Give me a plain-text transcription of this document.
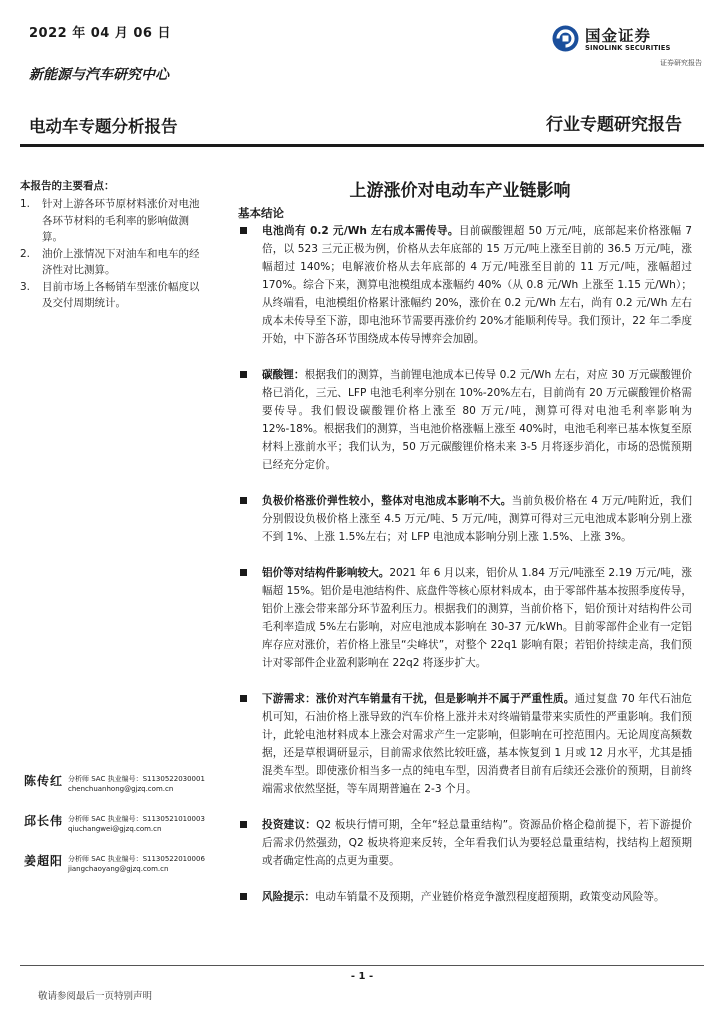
2022 年 04 月 06 日
新能源与汽车研究中心
电动车专题分析报告	行业专题研究报告
国金证券
SINOLINK SECURITIES
证券研究报告
本报告的主要看点：
1.	针对上游各环节原材料涨价对电池各环节材料的毛利率的影响做测算。
2.	油价上涨情况下对油车和电车的经济性对比测算。
3.	目前市场上各畅销车型涨价幅度以及交付周期统计。
陈传红 分析师 SAC 执业编号：S1130522030001
chenchuanhong@gjzq.com.cn
邱长伟 分析师 SAC 执业编号：S1130521010003
qiuchangwei@gjzq.com.cn
姜超阳 分析师 SAC 执业编号：S1130522010006
jiangchaoyang@gjzq.com.cn
上游涨价对电动车产业链影响
基本结论
电池尚有 0.2 元/Wh 左右成本需传导。目前碳酸锂超 50 万元/吨，底部起来价格涨幅 7 倍，以 523 三元正极为例，价格从去年底部的 15 万元/吨上涨至目前的 36.5 万元/吨，涨幅超过 140%；电解液价格从去年底部的 4 万元/吨涨至目前的 11 万元/吨，涨幅超过 170%。综合下来，测算电池模组成本涨幅约 40%（从 0.8 元/Wh 上涨至 1.15 元/Wh）；从终端看，电池模组价格累计涨幅约 20%，涨价在 0.2 元/Wh 左右，尚有 0.2 元/Wh 左右成本未传导至下游，即电池环节需要再涨价约 20%才能顺利传导。我们预计，22 年二季度开始，中下游各环节围绕成本传导博弈会加剧。
碳酸锂：根据我们的测算，当前锂电池成本已传导 0.2 元/Wh 左右，对应 30 万元碳酸锂价格已消化，三元、LFP 电池毛利率分别在 10%-20%左右，目前尚有 20 万元碳酸锂价格需要传导。我们假设碳酸锂价格上涨至 80 万元/吨，测算可得对电池毛利率影响为 12%-18%。根据我们的测算，当电池价格涨幅上涨至 40%时，电池毛利率已基本恢复至原材料上涨前水平；我们认为，50 万元碳酸锂价格未来 3-5 月将逐步消化，市场的恐慌预期已经充分定价。
负极价格涨价弹性较小，整体对电池成本影响不大。当前负极价格在 4 万元/吨附近，我们分别假设负极价格上涨至 4.5 万元/吨、5 万元/吨，测算可得对三元电池成本影响分别上涨不到 1%、上涨 1.5%左右；对 LFP 电池成本影响分别上涨 1.5%、上涨 3%。
铝价等对结构件影响较大。2021 年 6 月以来，铝价从 1.84 万元/吨涨至 2.19 万元/吨，涨幅超 15%。铝价是电池结构件、底盘件等核心原材料成本，由于零部件基本按照季度传导，铝价上涨会带来部分环节盈利压力。根据我们的测算，当前价格下，铝价预计对结构件公司毛利率造成 5%左右影响，对应电池成本影响在 30-37 元/kWh。目前零部件企业有一定铝库存应对涨价，若价格上涨呈“尖峰状”，对整个 22q1 影响有限；若铝价持续走高，我们预计对零部件企业盈利影响在 22q2 将逐步扩大。
下游需求：涨价对汽车销量有干扰，但是影响并不属于严重性质。通过复盘 70 年代石油危机可知，石油价格上涨导致的汽车价格上涨并未对终端销量带来实质性的严重影响。我们预计，此轮电池材料成本上涨会对需求产生一定影响，但影响在可控范围内。无论周度高频数据，还是草根调研显示，目前需求依然比较旺盛，基本恢复到 1 月或 12 月水平，尤其是插混类车型。即使涨价相当多一点的纯电车型，因消费者目前有后续还会涨价的预期，目前终端需求依然坚挺，等车周期普遍在 2-3 个月。
投资建议：Q2 板块行情可期，全年“轻总量重结构”。资源品价格企稳前提下，若下游提价后需求仍然强劲，Q2 板块将迎来反转，全年看我们认为要轻总量重结构，找结构上超预期或者确定性高的点更为重要。
风险提示：电动车销量不及预期，产业链价格竞争激烈程度超预期，政策变动风险等。
- 1 -
敬请参阅最后一页特别声明
